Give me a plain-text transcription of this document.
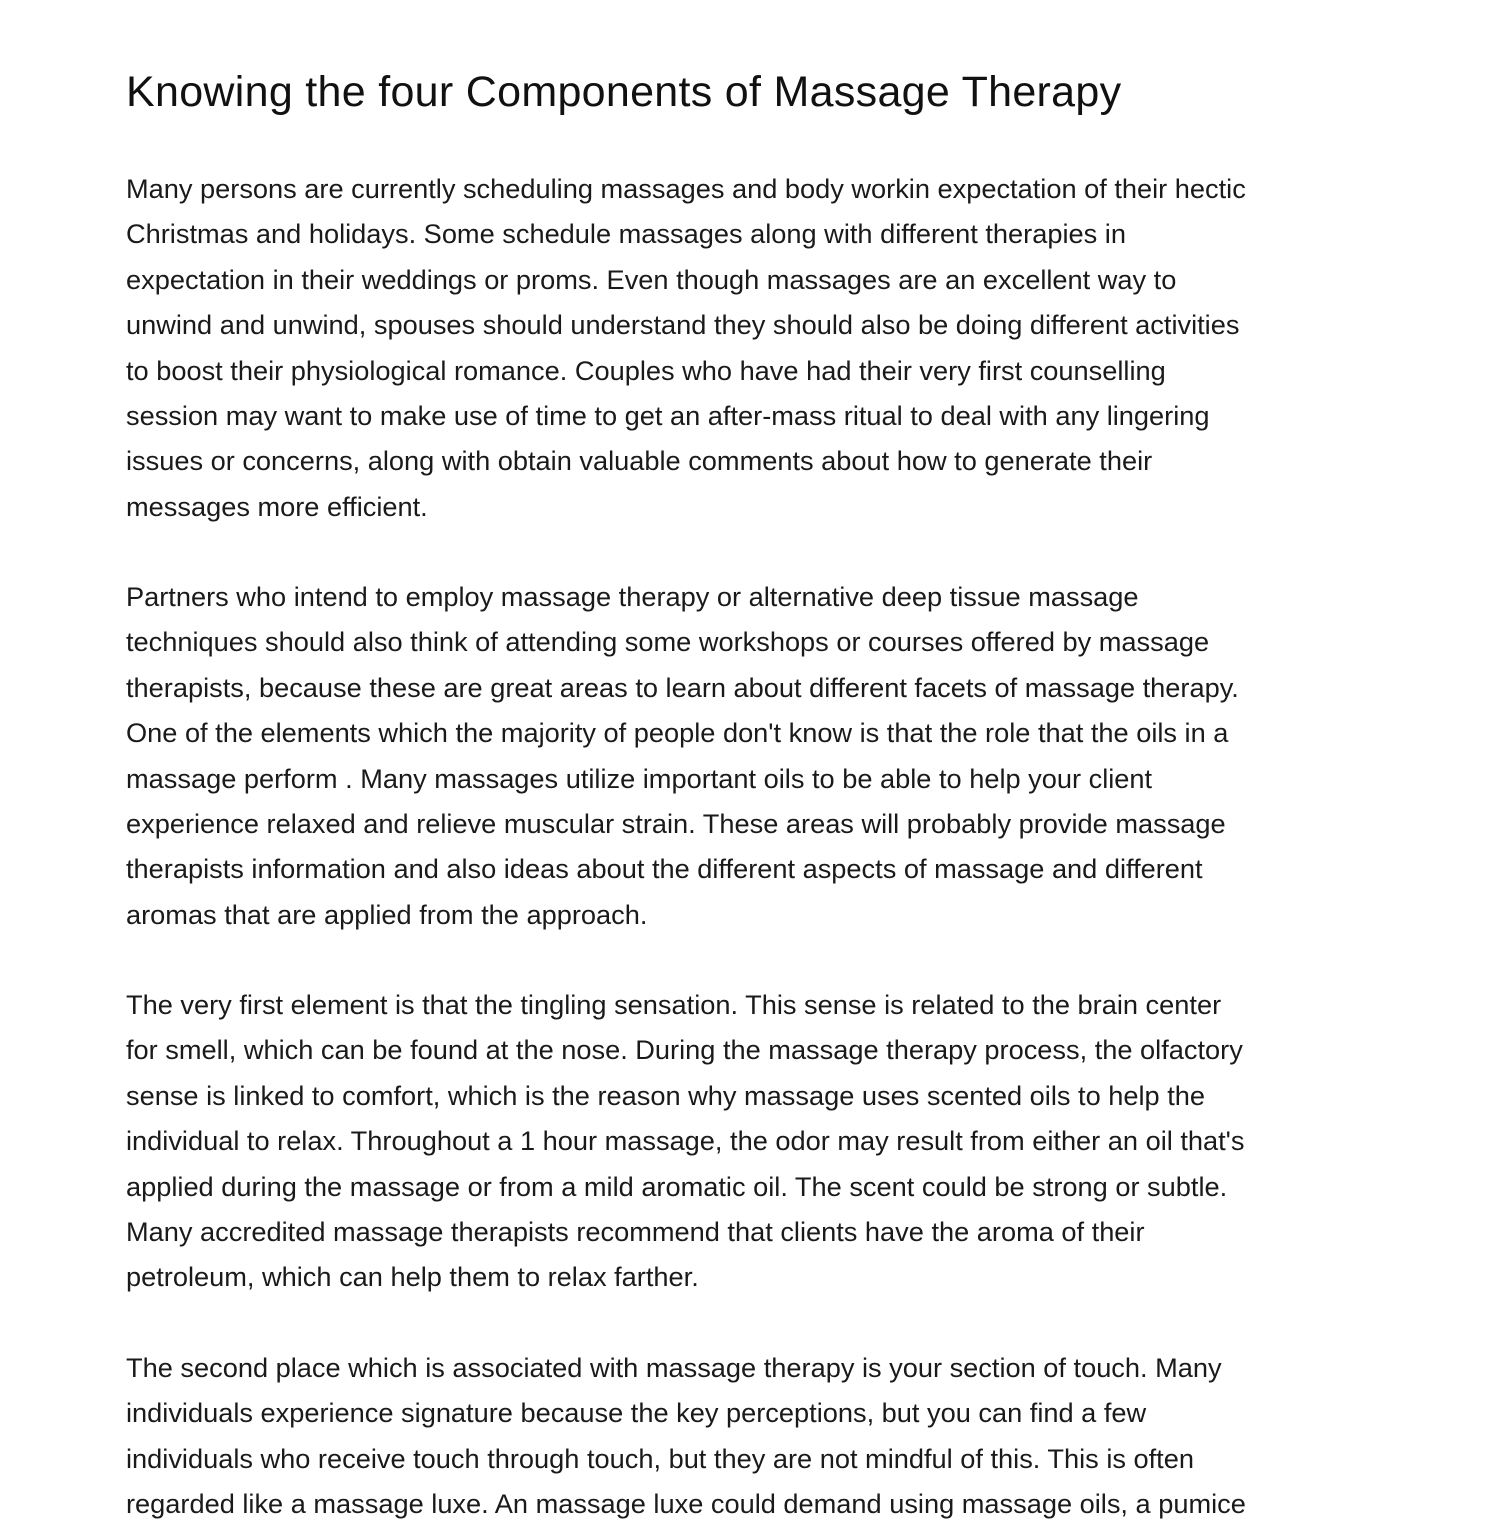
Knowing the four Components of Massage Therapy

Many persons are currently scheduling massages and body workin expectation of their hectic
Christmas and holidays. Some schedule massages along with different therapies in
expectation in their weddings or proms. Even though massages are an excellent way to
unwind and unwind, spouses should understand they should also be doing different activities
to boost their physiological romance. Couples who have had their very first counselling
session may want to make use of time to get an after-mass ritual to deal with any lingering
issues or concerns, along with obtain valuable comments about how to generate their
messages more efficient.

Partners who intend to employ massage therapy or alternative deep tissue massage
techniques should also think of attending some workshops or courses offered by massage
therapists, because these are great areas to learn about different facets of massage therapy.
One of the elements which the majority of people don't know is that the role that the oils in a
massage perform . Many massages utilize important oils to be able to help your client
experience relaxed and relieve muscular strain. These areas will probably provide massage
therapists information and also ideas about the different aspects of massage and different
aromas that are applied from the approach.

The very first element is that the tingling sensation. This sense is related to the brain center
for smell, which can be found at the nose. During the massage therapy process, the olfactory
sense is linked to comfort, which is the reason why massage uses scented oils to help the
individual to relax. Throughout a 1 hour massage, the odor may result from either an oil that's
applied during the massage or from a mild aromatic oil. The scent could be strong or subtle.
Many accredited massage therapists recommend that clients have the aroma of their
petroleum, which can help them to relax farther.

The second place which is associated with massage therapy is your section of touch. Many
individuals experience signature because the key perceptions, but you can find a few
individuals who receive touch through touch, but they are not mindful of this. This is often
regarded like a massage luxe. An massage luxe could demand using massage oils, a pumice
